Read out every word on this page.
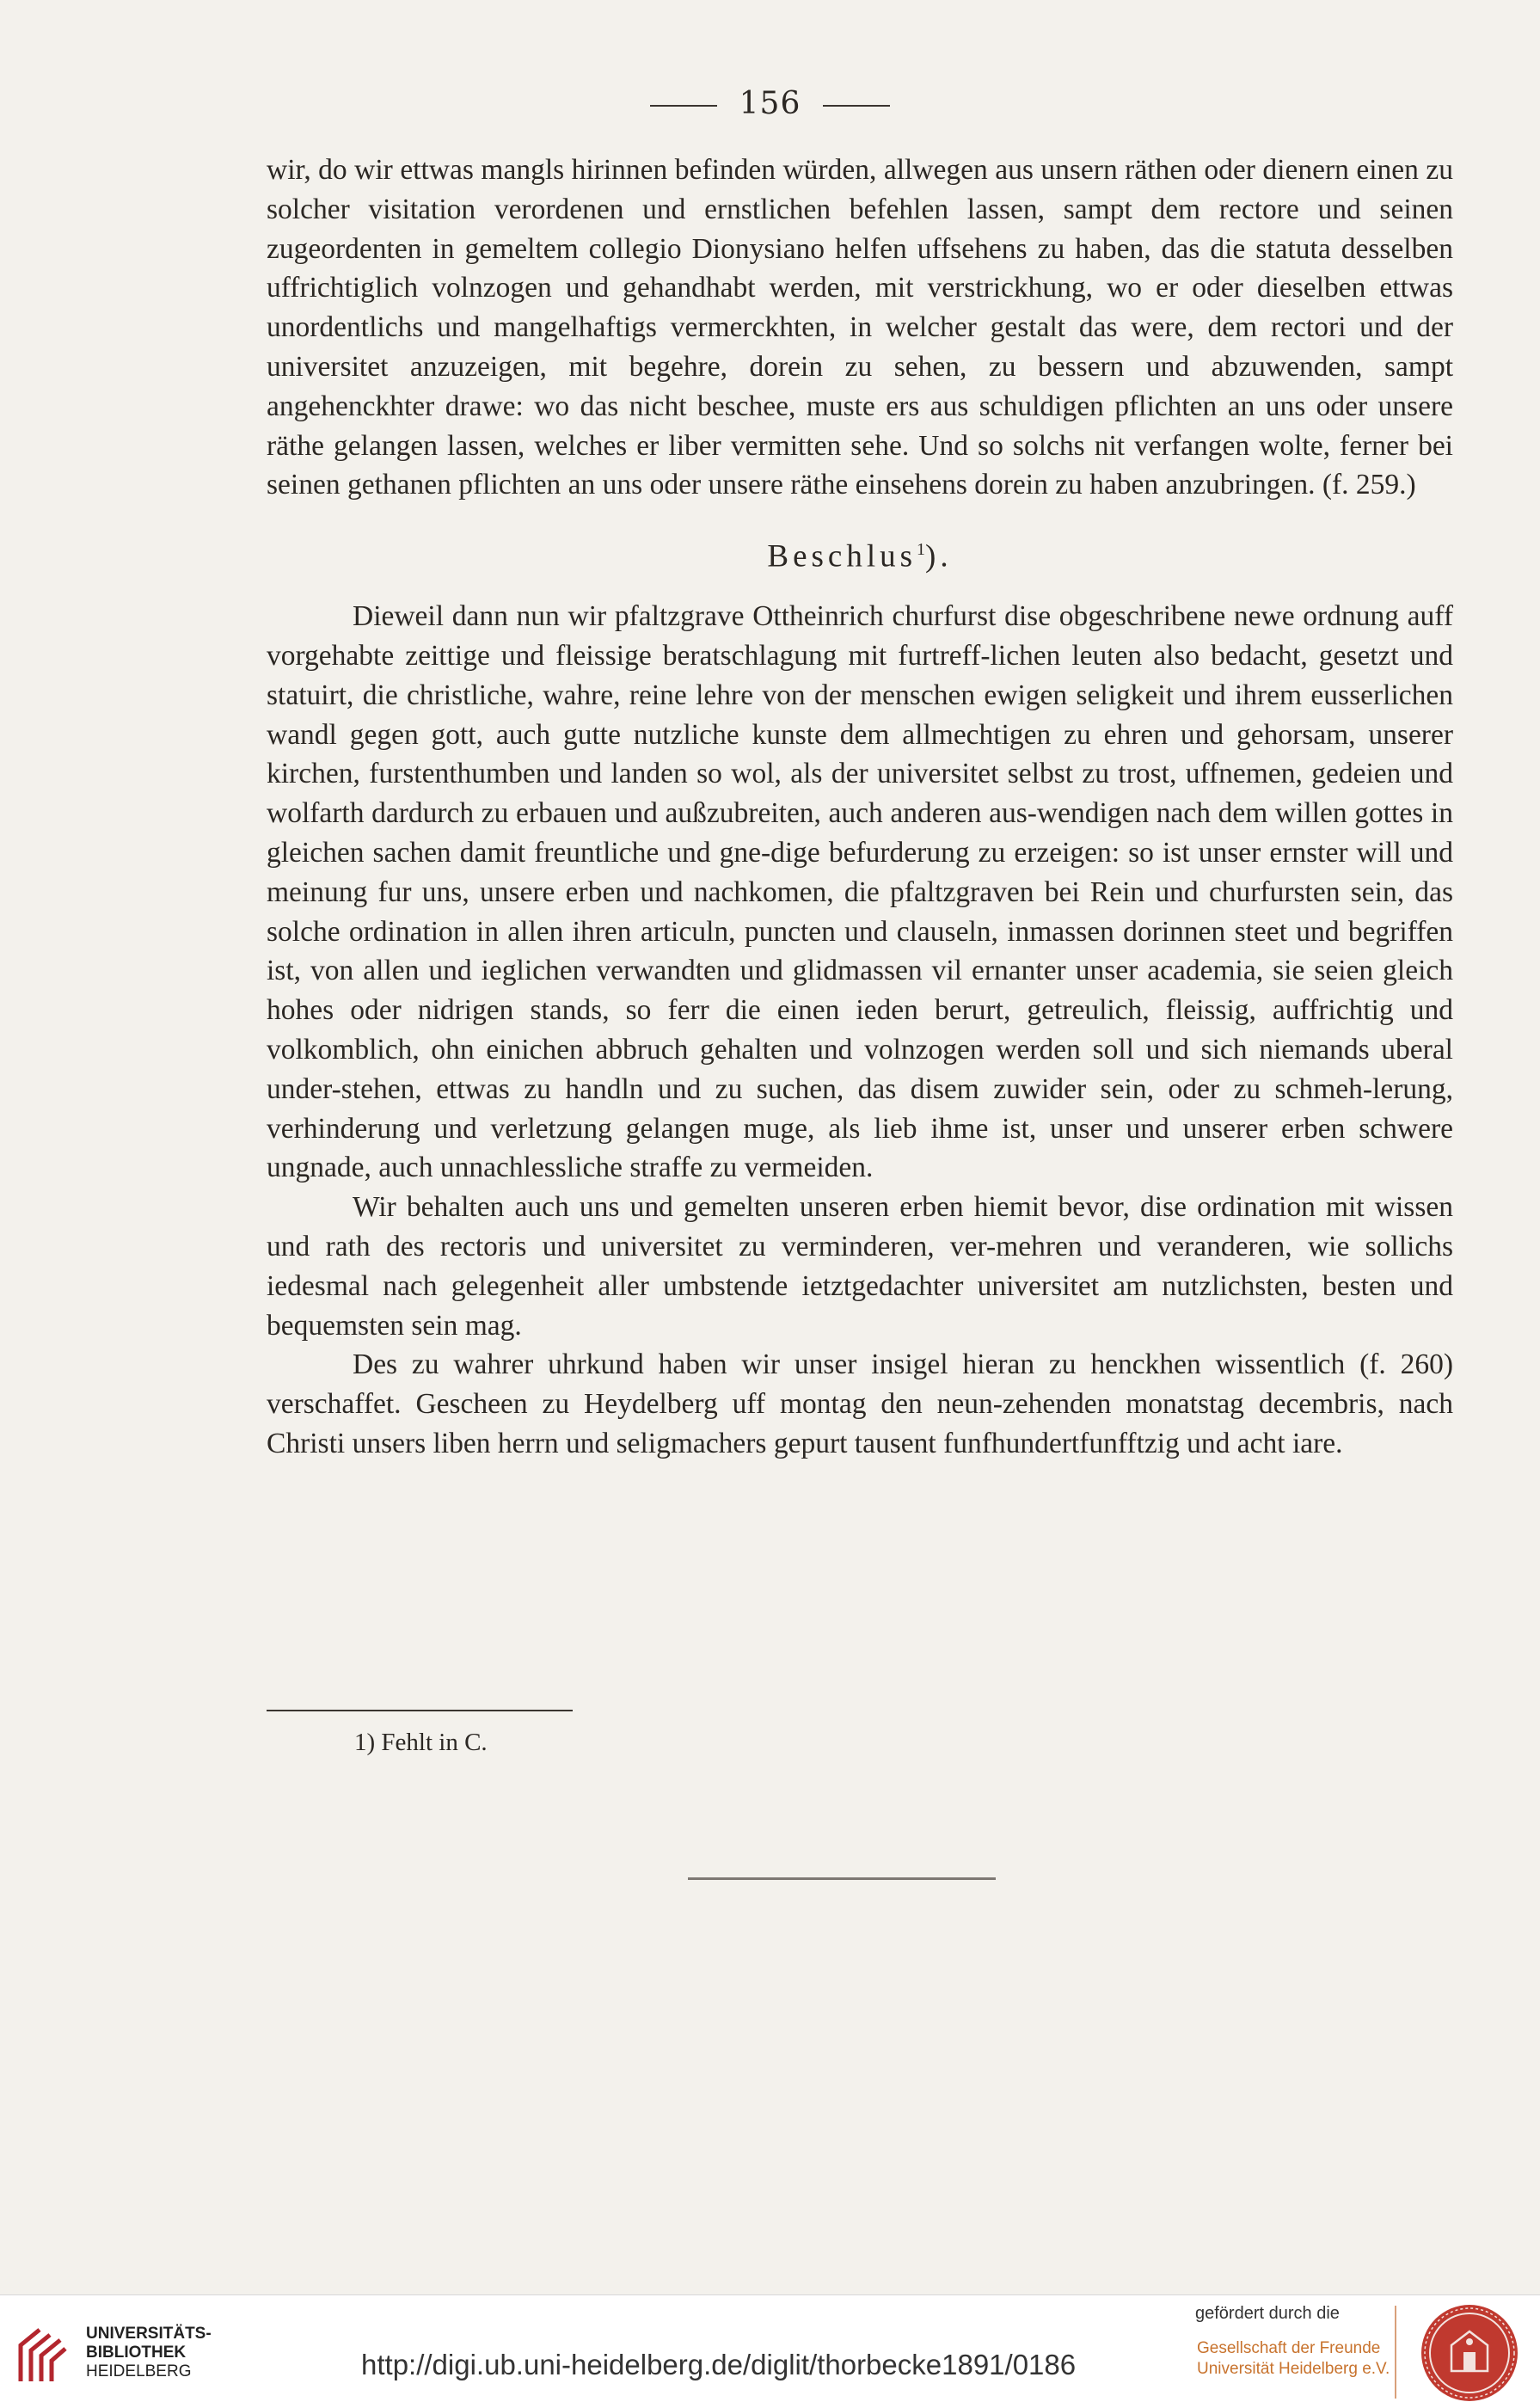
156

wir, do wir ettwas mangls hirinnen befinden würden, allwegen aus unsern räthen oder dienern einen zu solcher visitation verordenen und ernstlichen befehlen lassen, sampt dem rectore und seinen zugeordenten in gemeltem collegio Dionysiano helfen uffsehens zu haben, das die statuta desselben uffrichtiglich volnzogen und gehandhabt werden, mit verstrickhung, wo er oder dieselben ettwas unordentlichs und mangelhaftigs vermerckhten, in welcher gestalt das were, dem rectori und der universitet anzuzeigen, mit begehre, dorein zu sehen, zu bessern und abzuwenden, sampt angehenckhter drawe: wo das nicht beschee, muste ers aus schuldigen pflichten an uns oder unsere räthe gelangen lassen, welches er liber vermitten sehe. Und so solchs nit verfangen wolte, ferner bei seinen gethanen pflichten an uns oder unsere räthe einsehens dorein zu haben anzubringen. (f. 259.)

Beschlus$^1$).

Dieweil dann nun wir pfaltzgrave Ottheinrich churfurst dise obgeschribene newe ordnung auff vorgehabte zeittige und fleissige beratschlagung mit furtreff-lichen leuten also bedacht, gesetzt und statuirt, die christliche, wahre, reine lehre von der menschen ewigen seligkeit und ihrem eusserlichen wandl gegen gott, auch gutte nutzliche kunste dem allmechtigen zu ehren und gehorsam, unserer kirchen, furstenthumben und landen so wol, als der universitet selbst zu trost, uffnemen, gedeien und wolfarth dardurch zu erbauen und außzubreiten, auch anderen aus-wendigen nach dem willen gottes in gleichen sachen damit freuntliche und gne-dige befurderung zu erzeigen: so ist unser ernster will und meinung fur uns, unsere erben und nachkomen, die pfaltzgraven bei Rein und churfursten sein, das solche ordination in allen ihren articuln, puncten und clauseln, inmassen dorinnen steet und begriffen ist, von allen und ieglichen verwandten und glidmassen vil ernanter unser academia, sie seien gleich hohes oder nidrigen stands, so ferr die einen ieden berurt, getreulich, fleissig, auffrichtig und volkomblich, ohn einichen abbruch gehalten und volnzogen werden soll und sich niemands uberal under-stehen, ettwas zu handln und zu suchen, das disem zuwider sein, oder zu schmeh-lerung, verhinderung und verletzung gelangen muge, als lieb ihme ist, unser und unserer erben schwere ungnade, auch unnachlessliche straffe zu vermeiden.

Wir behalten auch uns und gemelten unseren erben hiemit bevor, dise ordination mit wissen und rath des rectoris und universitet zu verminderen, ver-mehren und veranderen, wie sollichs iedesmal nach gelegenheit aller umbstende ietztgedachter universitet am nutzlichsten, besten und bequemsten sein mag.

Des zu wahrer uhrkund haben wir unser insigel hieran zu henckhen wissentlich (f. 260) verschaffet. Gescheen zu Heydelberg uff montag den neun-zehenden monatstag decembris, nach Christi unsers liben herrn und seligmachers gepurt tausent funfhundertfunfftzig und acht iare.

1) Fehlt in C.
UNIVERSITÄTS-
BIBLIOTHEK
HEIDELBERG	http://digi.ub.uni-heidelberg.de/diglit/thorbecke1891/0186
gefördert durch die
Gesellschaft der Freunde
Universität Heidelberg e.V.
